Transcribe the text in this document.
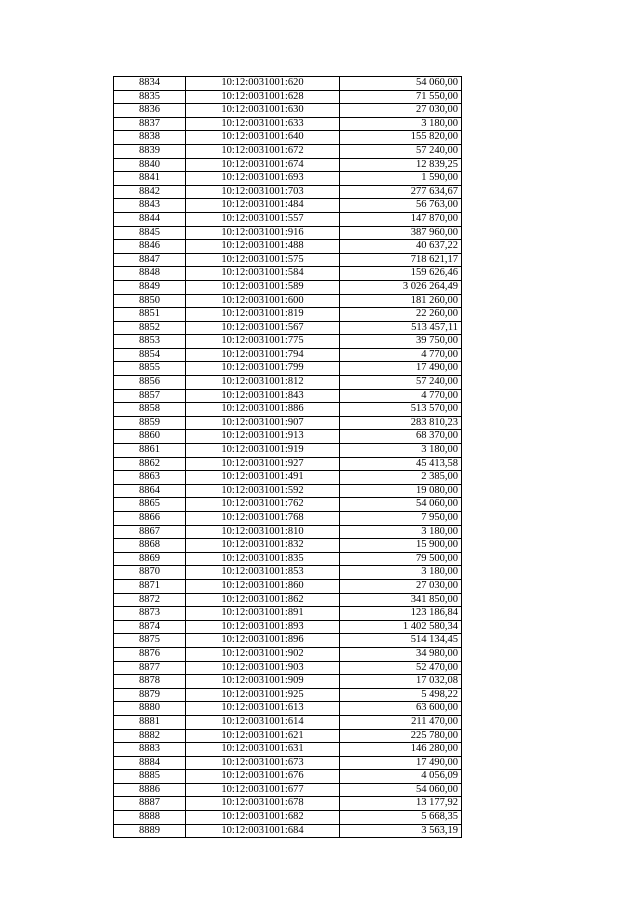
8834	10:12:0031001:620	54 060,00
8835	10:12:0031001:628	71 550,00
8836	10:12:0031001:630	27 030,00
8837	10:12:0031001:633	3 180,00
8838	10:12:0031001:640	155 820,00
8839	10:12:0031001:672	57 240,00
8840	10:12:0031001:674	12 839,25
8841	10:12:0031001:693	1 590,00
8842	10:12:0031001:703	277 634,67
8843	10:12:0031001:484	56 763,00
8844	10:12:0031001:557	147 870,00
8845	10:12:0031001:916	387 960,00
8846	10:12:0031001:488	40 637,22
8847	10:12:0031001:575	718 621,17
8848	10:12:0031001:584	159 626,46
8849	10:12:0031001:589	3 026 264,49
8850	10:12:0031001:600	181 260,00
8851	10:12:0031001:819	22 260,00
8852	10:12:0031001:567	513 457,11
8853	10:12:0031001:775	39 750,00
8854	10:12:0031001:794	4 770,00
8855	10:12:0031001:799	17 490,00
8856	10:12:0031001:812	57 240,00
8857	10:12:0031001:843	4 770,00
8858	10:12:0031001:886	513 570,00
8859	10:12:0031001:907	283 810,23
8860	10:12:0031001:913	68 370,00
8861	10:12:0031001:919	3 180,00
8862	10:12:0031001:927	45 413,58
8863	10:12:0031001:491	2 385,00
8864	10:12:0031001:592	19 080,00
8865	10:12:0031001:762	54 060,00
8866	10:12:0031001:768	7 950,00
8867	10:12:0031001:810	3 180,00
8868	10:12:0031001:832	15 900,00
8869	10:12:0031001:835	79 500,00
8870	10:12:0031001:853	3 180,00
8871	10:12:0031001:860	27 030,00
8872	10:12:0031001:862	341 850,00
8873	10:12:0031001:891	123 186,84
8874	10:12:0031001:893	1 402 580,34
8875	10:12:0031001:896	514 134,45
8876	10:12:0031001:902	34 980,00
8877	10:12:0031001:903	52 470,00
8878	10:12:0031001:909	17 032,08
8879	10:12:0031001:925	5 498,22
8880	10:12:0031001:613	63 600,00
8881	10:12:0031001:614	211 470,00
8882	10:12:0031001:621	225 780,00
8883	10:12:0031001:631	146 280,00
8884	10:12:0031001:673	17 490,00
8885	10:12:0031001:676	4 056,09
8886	10:12:0031001:677	54 060,00
8887	10:12:0031001:678	13 177,92
8888	10:12:0031001:682	5 668,35
8889	10:12:0031001:684	3 563,19
